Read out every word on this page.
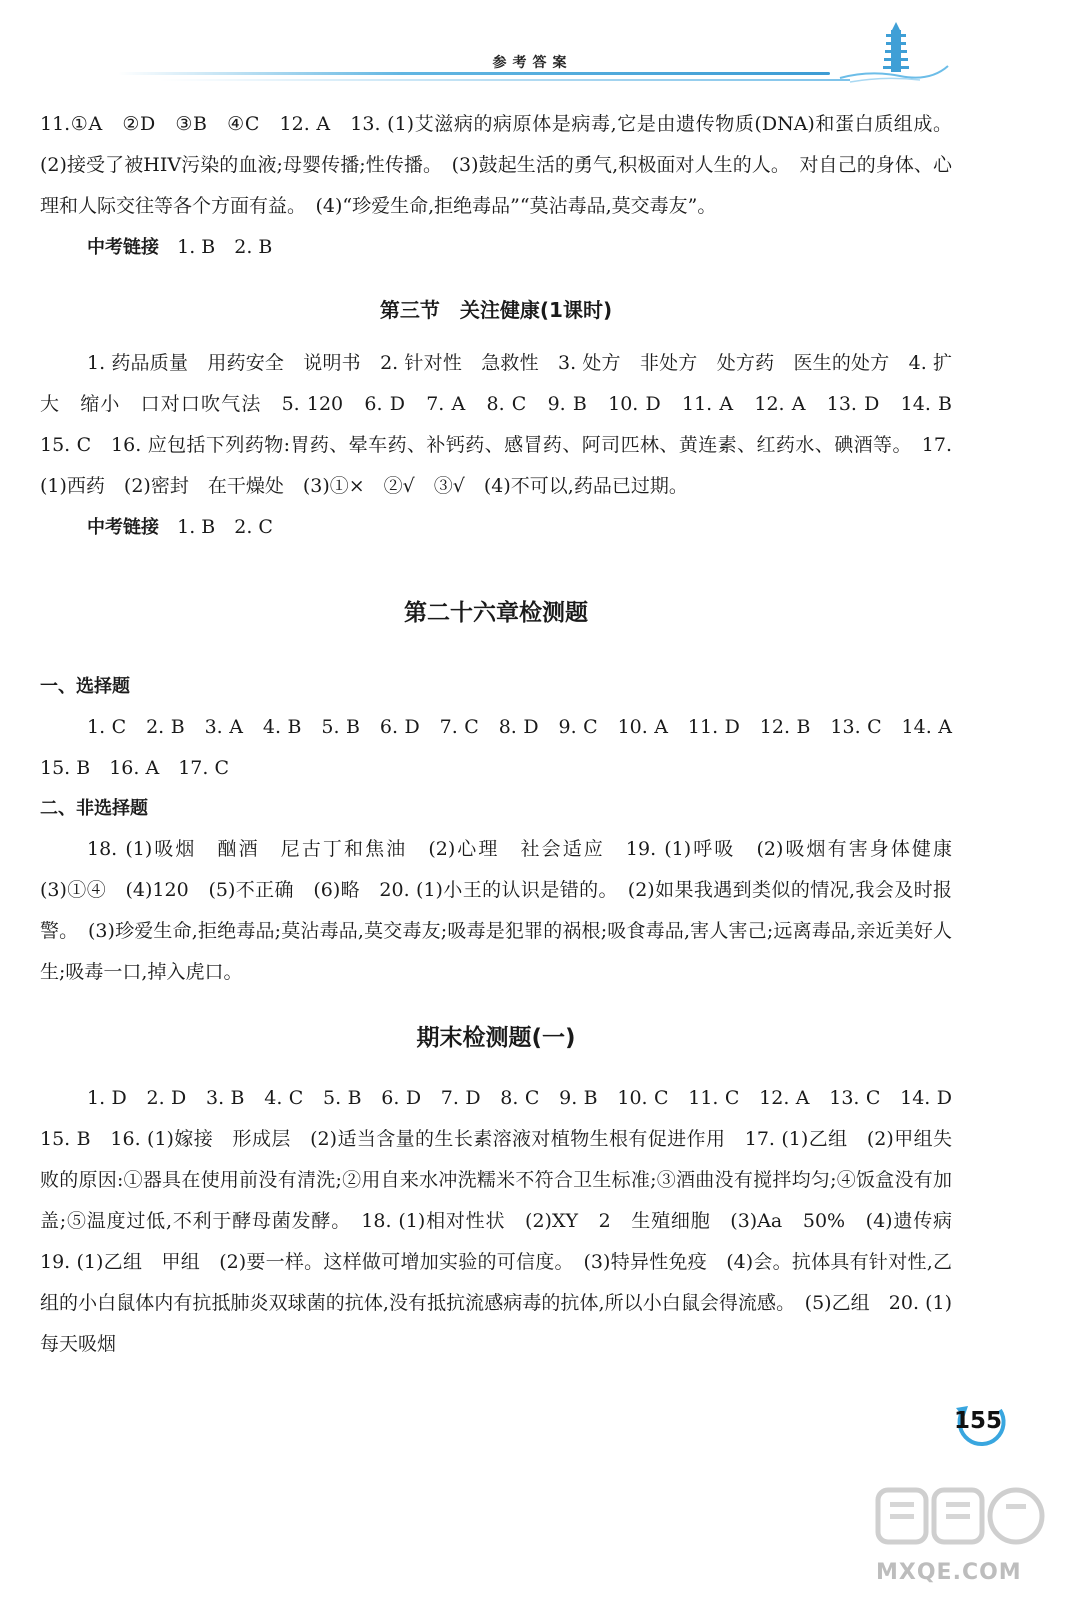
参考答案

11.①A　②D　③B　④C　12. A　13. (1)艾滋病的病原体是病毒,它是由遗传物质(DNA)和蛋白质组成。(2)接受了被HIV污染的血液;母婴传播;性传播。　(3)鼓起生活的勇气,积极面对人生的人。　对自己的身体、心理和人际交往等各个方面有益。　(4)“珍爱生命,拒绝毒品”“莫沾毒品,莫交毒友”。

中考链接 1. B　2. B

第三节　关注健康(1课时)

1. 药品质量　用药安全　说明书　2. 针对性　急救性　3. 处方　非处方　处方药　医生的处方　4. 扩大　缩小　口对口吹气法　5. 120　6. D　7. A　8. C　9. B　10. D　11. A　12. A　13. D　14. B　15. C　16. 应包括下列药物:胃药、晕车药、补钙药、感冒药、阿司匹林、黄连素、红药水、碘酒等。　17. (1)西药　(2)密封　在干燥处　(3)①×　②√　③√　(4)不可以,药品已过期。

中考链接 1. B　2. C

第二十六章检测题

一、选择题

1. C　2. B　3. A　4. B　5. B　6. D　7. C　8. D　9. C　10. A　11. D　12. B　13. C　14. A　15. B　16. A　17. C

二、非选择题

18. (1)吸烟　酗酒　尼古丁和焦油　(2)心理　社会适应　19. (1)呼吸　(2)吸烟有害身体健康　(3)①④　(4)120　(5)不正确　(6)略　20. (1)小王的认识是错的。　(2)如果我遇到类似的情况,我会及时报警。　(3)珍爱生命,拒绝毒品;莫沾毒品,莫交毒友;吸毒是犯罪的祸根;吸食毒品,害人害己;远离毒品,亲近美好人生;吸毒一口,掉入虎口。

期末检测题(一)

1. D　2. D　3. B　4. C　5. B　6. D　7. D　8. C　9. B　10. C　11. C　12. A　13. C　14. D　15. B　16. (1)嫁接　形成层　(2)适当含量的生长素溶液对植物生根有促进作用　17. (1)乙组　(2)甲组失败的原因:①器具在使用前没有清洗;②用自来水冲洗糯米不符合卫生标准;③酒曲没有搅拌均匀;④饭盒没有加盖;⑤温度过低,不利于酵母菌发酵。　18. (1)相对性状　(2)XY　2　生殖细胞　(3)Aa　50%　(4)遗传病　19. (1)乙组　甲组　(2)要一样。这样做可增加实验的可信度。　(3)特异性免疫　(4)会。抗体具有针对性,乙组的小白鼠体内有抗抵肺炎双球菌的抗体,没有抵抗流感病毒的抗体,所以小白鼠会得流感。　(5)乙组　20. (1)每天吸烟

155
MXQE.COM
